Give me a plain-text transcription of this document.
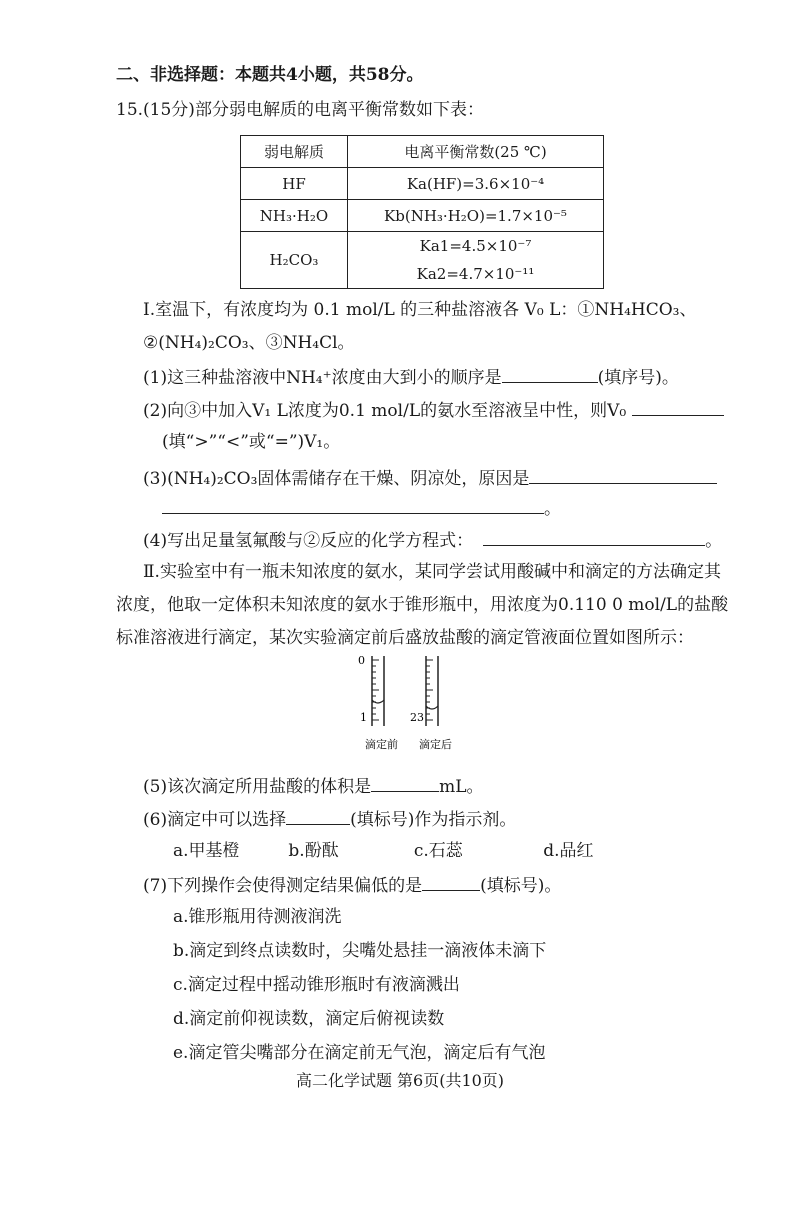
二、非选择题：本题共4小题，共58分。
15.(15分)部分弱电解质的电离平衡常数如下表：
弱电解质	电离平衡常数(25 ℃)
HF	Ka(HF)=3.6×10⁻⁴
NH₃·H₂O	Kb(NH₃·H₂O)=1.7×10⁻⁵
H₂CO₃	Ka1=4.5×10⁻⁷
Ka2=4.7×10⁻¹¹
Ⅰ.室温下，有浓度均为 0.1 mol/L 的三种盐溶液各 V₀ L：①NH₄HCO₃、
②(NH₄)₂CO₃、③NH₄Cl。
(1)这三种盐溶液中NH₄⁺浓度由大到小的顺序是	(填序号)。
(2)向③中加入V₁ L浓度为0.1 mol/L的氨水至溶液呈中性，则V₀
(填“>”“<”或“=”)V₁。
(3)(NH₄)₂CO₃固体需储存在干燥、阴凉处，原因是
。
(4)写出足量氢氟酸与②反应的化学方程式：	。
Ⅱ.实验室中有一瓶未知浓度的氨水，某同学尝试用酸碱中和滴定的方法确定其
浓度，他取一定体积未知浓度的氨水于锥形瓶中，用浓度为0.110 0 mol/L的盐酸
标准溶液进行滴定，某次实验滴定前后盛放盐酸的滴定管液面位置如图所示：
0
1
滴定前
23
滴定后
(5)该次滴定所用盐酸的体积是	mL。
(6)滴定中可以选择	(填标号)作为指示剂。
a.甲基橙	b.酚酞	c.石蕊	d.品红
(7)下列操作会使得测定结果偏低的是	(填标号)。
a.锥形瓶用待测液润洗
b.滴定到终点读数时，尖嘴处悬挂一滴液体未滴下
c.滴定过程中摇动锥形瓶时有液滴溅出
d.滴定前仰视读数，滴定后俯视读数
e.滴定管尖嘴部分在滴定前无气泡，滴定后有气泡
高二化学试题 第6页(共10页)
